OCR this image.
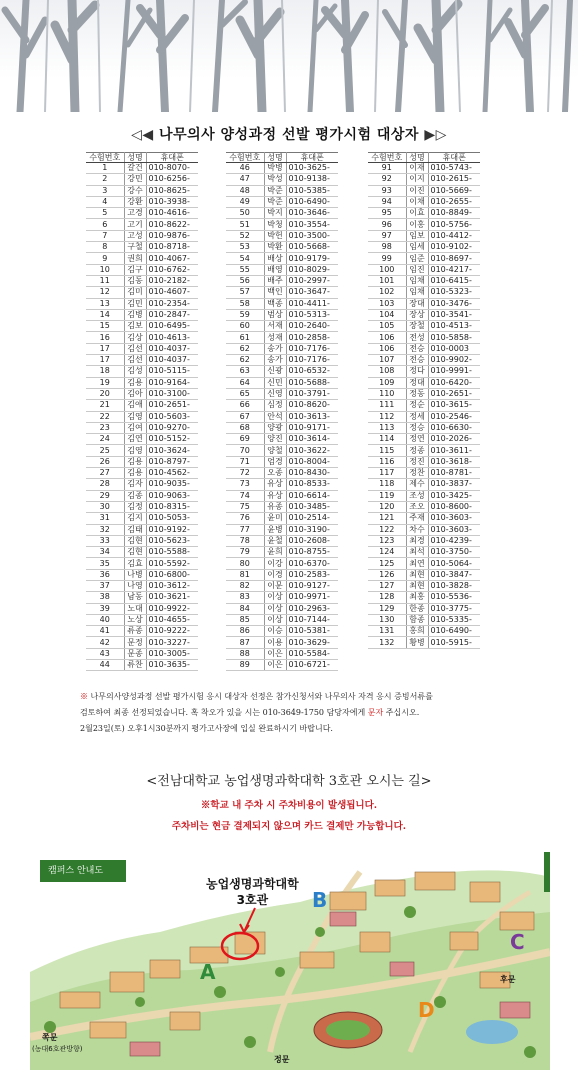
◁◀ 나무의사 양성과정 선발 평가시험 대상자 ▶▷
수험번호	성명	휴대폰
1	갈건	010-8070-
2	강민	010-6256-
3	강수	010-8625-
4	강환	010-3938-
5	고경	010-4616-
6	고기	010-8622-
7	고성	010-9876-
8	구철	010-8718-
9	권희	010-4067-
10	김구	010-6762-
11	김동	010-2182-
12	김미	010-4607-
13	김민	010-2354-
14	김병	010-2847-
15	김보	010-6495-
16	김상	010-4613-
17	김선	010-4037-
17	김선	010-4037-
18	김성	010-5115-
19	김용	010-9164-
20	김아	010-3100-
21	김애	010-2651-
22	김영	010-5603-
23	김여	010-9270-
24	김연	010-5152-
25	김영	010-3624-
26	김용	010-8797-
27	김용	010-4562-
28	김자	010-9035-
29	김종	010-9063-
30	김정	010-8315-
31	김지	010-5053-
32	김태	010-9192-
33	김현	010-5623-
34	김현	010-5588-
35	김효	010-5592-
36	나병	010-6800-
37	나영	010-3612-
38	남동	010-3621-
39	노대	010-9922-
40	노상	010-4655-
41	류종	010-9222-
42	문정	010-3227-
43	문종	010-3005-
44	류찬	010-3635-
수험번호	성명	휴대폰
46	박병	010-3625-
47	박성	010-9138-
48	박준	010-5385-
49	박준	010-6490-
50	박지	010-3646-
51	박청	010-3554-
52	박헌	010-3500-
53	박환	010-5668-
54	배상	010-9179-
55	배영	010-8029-
56	배주	010-2997-
57	백인	010-3647-
58	백종	010-4411-
59	범상	010-5313-
60	서재	010-2640-
61	성재	010-2858-
62	송가	010-7176-
62	송가	010-7176-
63	신광	010-6532-
64	신민	010-5688-
65	신영	010-3791-
66	심정	010-8620-
67	안석	010-3613-
68	양광	010-9171-
69	양진	010-3614-
70	양철	010-3622-
71	엄경	010-8004-
72	오종	010-8430-
73	유상	010-8533-
74	유상	010-6614-
75	유종	010-3485-
76	윤미	010-2514-
77	윤병	010-3190-
78	윤철	010-2608-
79	윤희	010-8755-
80	이강	010-6370-
81	이경	010-2583-
82	이문	010-9127-
83	이상	010-9971-
84	이상	010-2963-
85	이상	010-7144-
86	이승	010-5381-
87	이용	010-3629-
88	이은	010-5584-
89	이은	010-6721-
수험번호	성명	휴대폰
91	이재	010-5743-
92	이지	010-2615-
93	이진	010-5669-
94	이채	010-2655-
95	이효	010-8849-
96	이홍	010-5756-
97	임보	010-4412-
98	임세	010-9102-
99	임준	010-8697-
100	임진	010-4217-
101	임채	010-6415-
102	임채	010-5323-
103	장대	010-3476-
104	장상	010-3541-
105	장철	010-4513-
106	전성	010-5858-
106	전승	010-0003
107	전승	010-9902-
108	정다	010-9991-
109	정대	010-6420-
110	정동	010-2651-
111	정순	010-3615-
112	정세	010-2546-
113	정승	010-6630-
114	정연	010-2026-
115	정종	010-3611-
116	정진	010-3618-
117	정찬	010-8781-
118	제수	010-3837-
119	조성	010-3425-
120	조오	010-8600-
121	주재	010-3603-
122	차수	010-3603-
123	최경	010-4239-
124	최석	010-3750-
125	최연	010-5064-
126	최현	010-3847-
127	최현	010-3828-
128	최홍	010-5536-
129	한종	010-3775-
130	함종	010-5335-
131	홍희	010-6490-
132	황병	010-5915-
※ 나무의사양성과정 선발 평가시험 응시 대상자 선정은 참가신청서와 나무의사 자격 응시 증빙서류를
검토하여 최종 선정되었습니다. 혹 착오가 있을 시는 010-3649-1750 담당자에게 문자 주십시오.
2월23일(토) 오후1시30분까지 평가고사장에 입실 완료하시기 바랍니다.
<전남대학교 농업생명과학대학 3호관 오시는 길>
※학교 내 주차 시 주차비용이 발생됩니다.
주차비는 현금 결제되지 않으며 카드 결제만 가능합니다.
캠퍼스 안내도
농업생명과학대학
3호관
A
B
C
D
정문
후문
쪽문
(농대6호관방향)
